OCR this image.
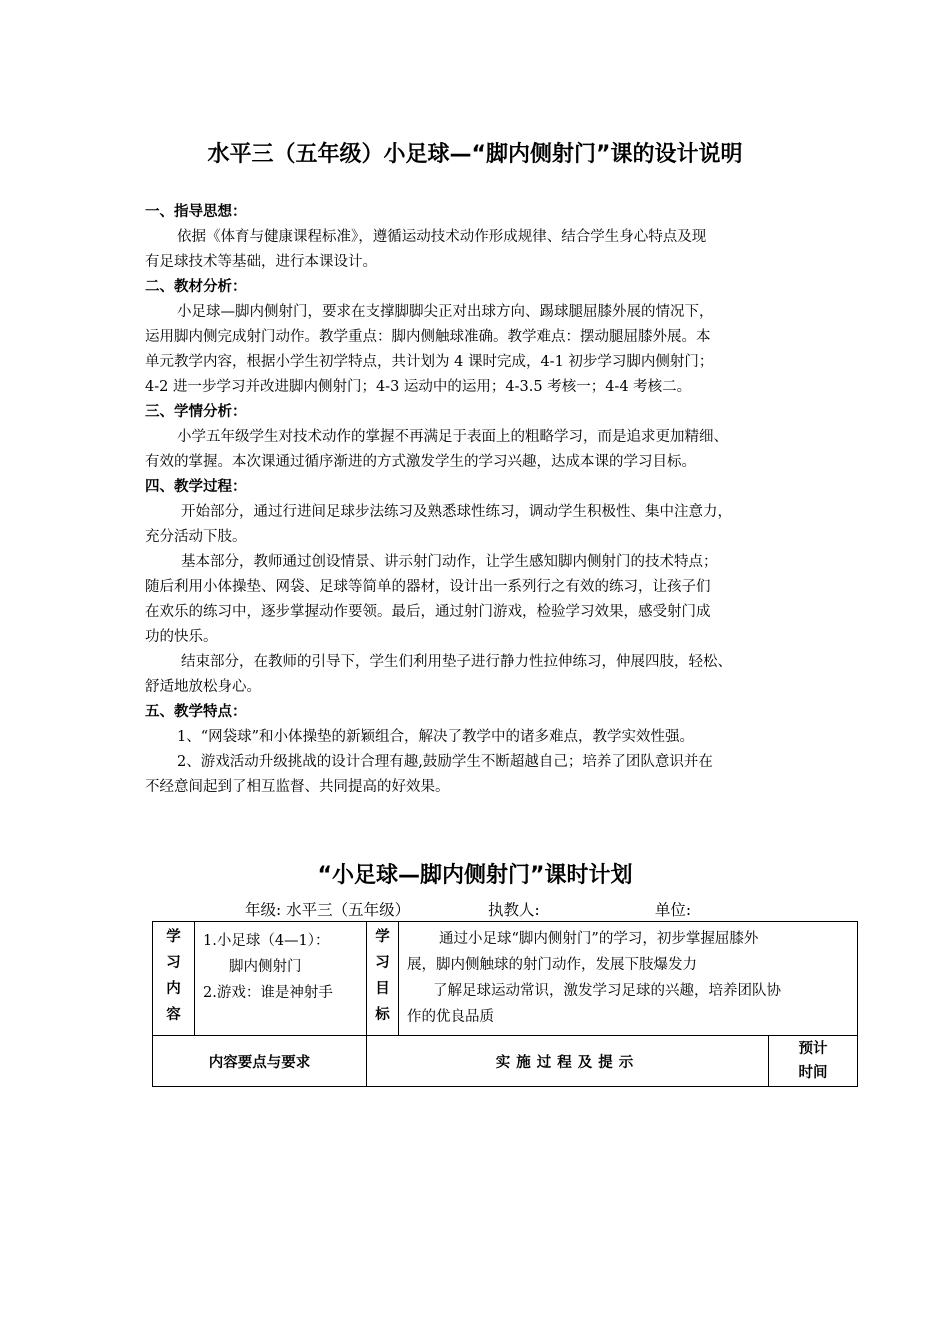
水平三（五年级）小足球—“脚内侧射门”课的设计说明
一、指导思想：
依据《体育与健康课程标准》，遵循运动技术动作形成规律、结合学生身心特点及现
有足球技术等基础，进行本课设计。
二、教材分析：
小足球—脚内侧射门，要求在支撑脚脚尖正对出球方向、踢球腿屈膝外展的情况下，
运用脚内侧完成射门动作。教学重点：脚内侧触球准确。教学难点：摆动腿屈膝外展。本
单元教学内容，根据小学生初学特点，共计划为 4 课时完成，4-1 初步学习脚内侧射门；
4-2 进一步学习并改进脚内侧射门；4-3 运动中的运用；4-3.5 考核一；4-4 考核二。
三、学情分析：
小学五年级学生对技术动作的掌握不再满足于表面上的粗略学习，而是追求更加精细、
有效的掌握。本次课通过循序渐进的方式激发学生的学习兴趣，达成本课的学习目标。
四、教学过程：
开始部分，通过行进间足球步法练习及熟悉球性练习，调动学生积极性、集中注意力，
充分活动下肢。
基本部分，教师通过创设情景、讲示射门动作，让学生感知脚内侧射门的技术特点；
随后利用小体操垫、网袋、足球等简单的器材，设计出一系列行之有效的练习，让孩子们
在欢乐的练习中，逐步掌握动作要领。最后，通过射门游戏，检验学习效果，感受射门成
功的快乐。
结束部分，在教师的引导下，学生们利用垫子进行静力性拉伸练习，伸展四肢，轻松、
舒适地放松身心。
五、教学特点：
1、“网袋球”和小体操垫的新颖组合，解决了教学中的诸多难点，教学实效性强。
2、游戏活动升级挑战的设计合理有趣,鼓励学生不断超越自己；培养了团队意识并在
不经意间起到了相互监督、共同提高的好效果。
“小足球—脚内侧射门”课时计划
年级: 水平三（五年级）	执教人:	单位:
学
习
内
容	1.小足球（4—1）：
脚内侧射门
2.游戏：谁是神射手	学
习
目
标	通过小足球“脚内侧射门”的学习，初步掌握屈膝外
展，脚内侧触球的射门动作，发展下肢爆发力
了解足球运动常识，激发学习足球的兴趣，培养团队协
作的优良品质	

内容要点与要求		实施过程及提示		预计
时间
